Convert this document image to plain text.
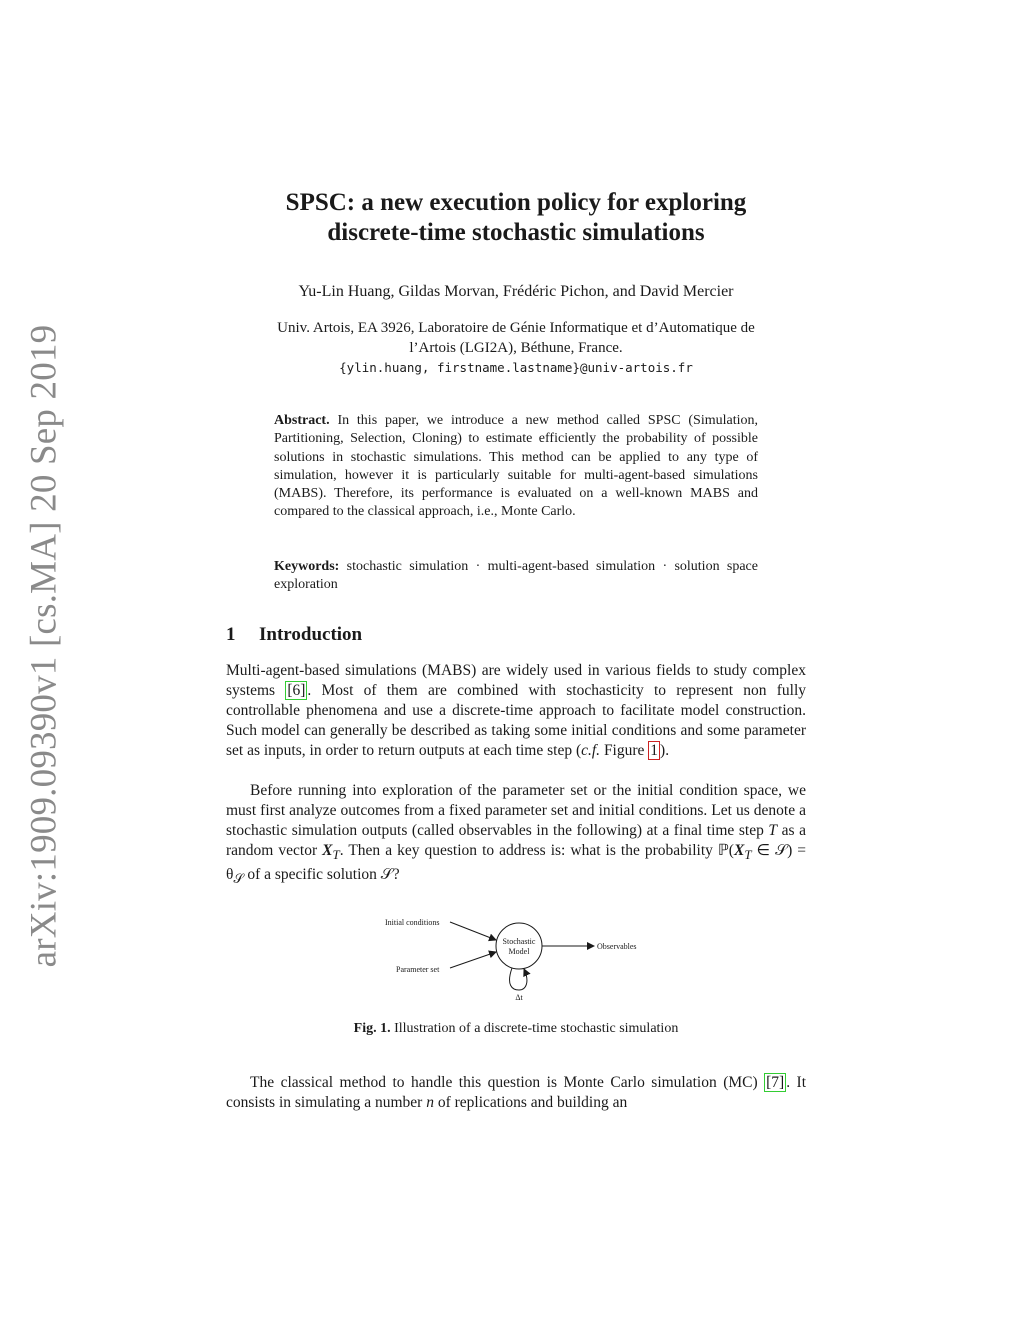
arXiv:1909.09390v1 [cs.MA] 20 Sep 2019
SPSC: a new execution policy for exploring
discrete-time stochastic simulations
Yu-Lin Huang, Gildas Morvan, Frédéric Pichon, and David Mercier
Univ. Artois, EA 3926, Laboratoire de Génie Informatique et d’Automatique de
l’Artois (LGI2A), Béthune, France.
{ylin.huang, firstname.lastname}@univ-artois.fr
Abstract. In this paper, we introduce a new method called SPSC (Simulation, Partitioning, Selection, Cloning) to estimate efficiently the probability of possible solutions in stochastic simulations. This method can be applied to any type of simulation, however it is particularly suitable for multi-agent-based simulations (MABS). Therefore, its performance is evaluated on a well-known MABS and compared to the classical approach, i.e., Monte Carlo.
Keywords: stochastic simulation · multi-agent-based simulation · solution space exploration
1 Introduction
Multi-agent-based simulations (MABS) are widely used in various fields to study complex systems [6] . Most of them are combined with stochasticity to represent non fully controllable phenomena and use a discrete-time approach to facilitate model construction. Such model can generally be described as taking some initial conditions and some parameter set as inputs, in order to return outputs at each time step (c.f. Figure 1 ).
Before running into exploration of the parameter set or the initial condition space, we must first analyze outcomes from a fixed parameter set and initial conditions. Let us denote a stochastic simulation outputs (called observables in the following) at a final time step T as a random vector $X_T$. Then a key question to address is: what is the probability $ℙ(X_T$ ∈ 𝒮) = $\theta_𝒮$ of a specific solution 𝒮?
The classical method to handle this question is Monte Carlo simulation (MC) [7] . It consists in simulating a number n of replications and building an
Initial conditions
Parameter set
Stochastic
Model
Observables
Δt
Fig. 1. Illustration of a discrete-time stochastic simulation
